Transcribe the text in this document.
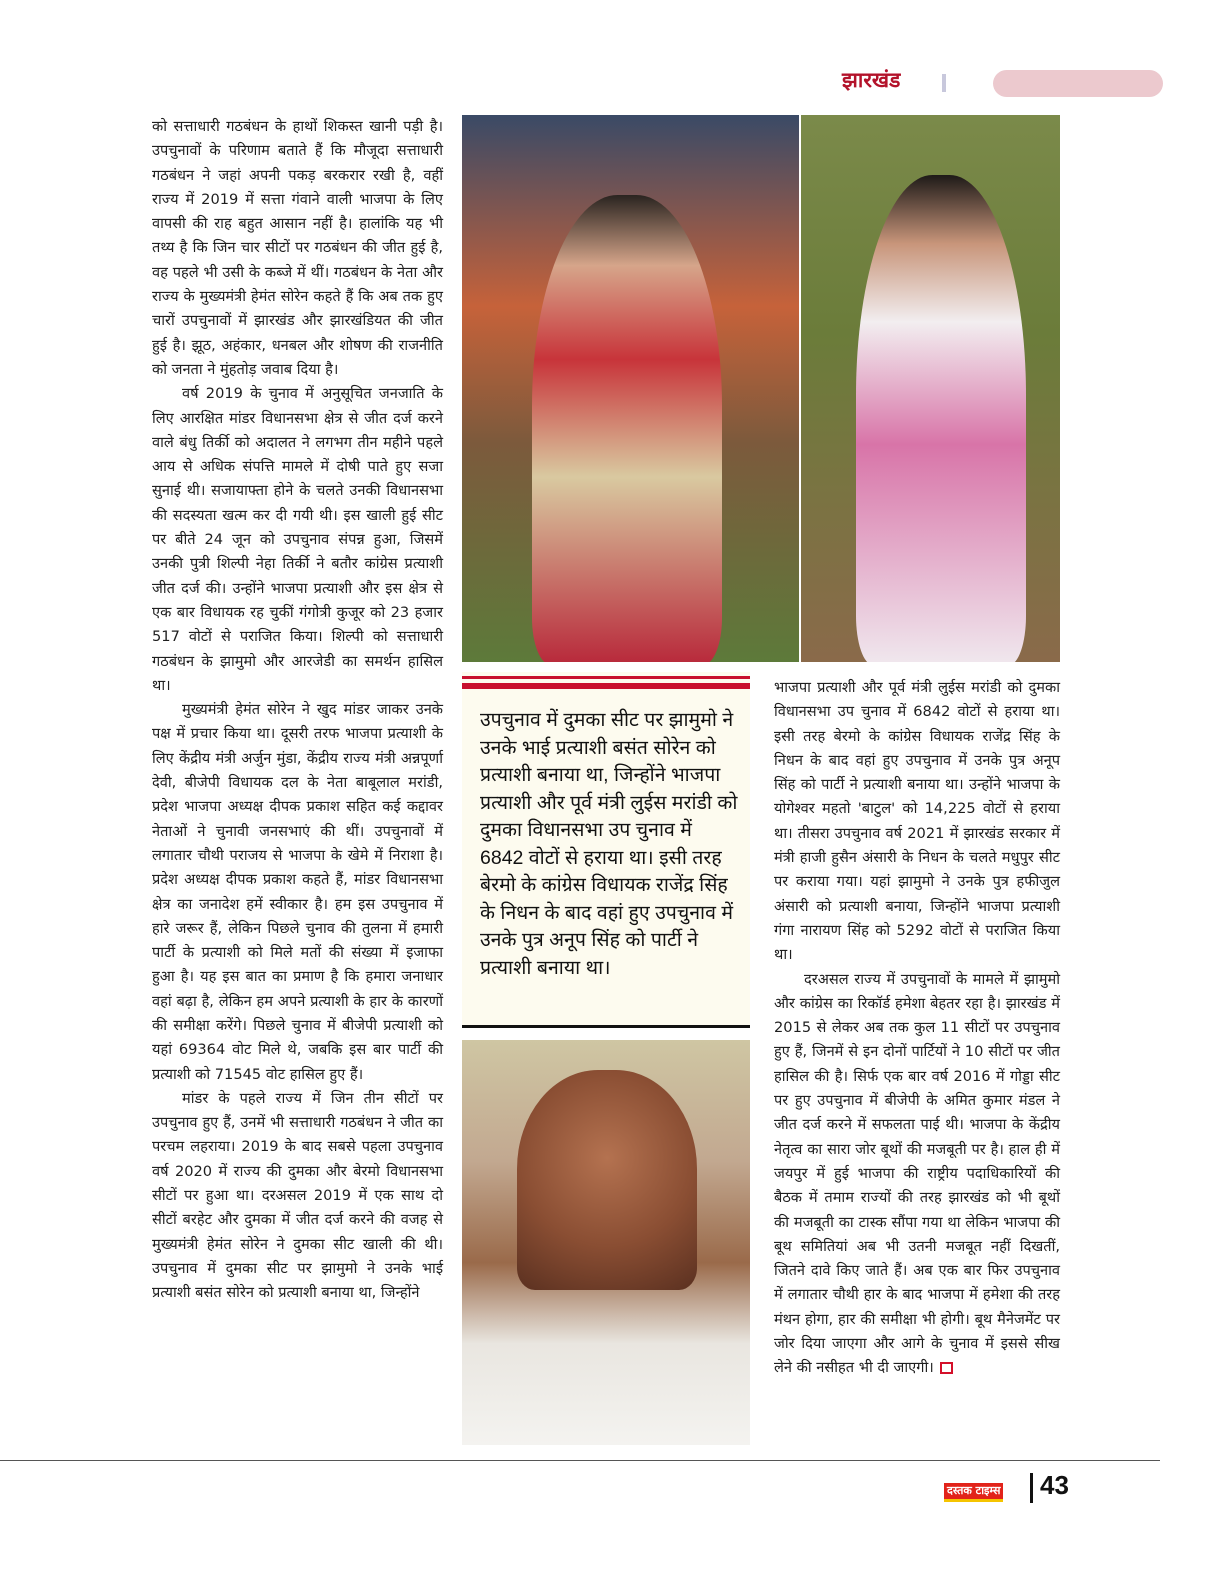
झारखंड

को सत्ताधारी गठबंधन के हाथों शिकस्त खानी पड़ी है। उपचुनावों के परिणाम बताते हैं कि मौजूदा सत्ताधारी गठबंधन ने जहां अपनी पकड़ बरकरार रखी है, वहीं राज्य में 2019 में सत्ता गंवाने वाली भाजपा के लिए वापसी की राह बहुत आसान नहीं है। हालांकि यह भी तथ्य है कि जिन चार सीटों पर गठबंधन की जीत हुई है, वह पहले भी उसी के कब्जे में थीं। गठबंधन के नेता और राज्य के मुख्यमंत्री हेमंत सोरेन कहते हैं कि अब तक हुए चारों उपचुनावों में झारखंड और झारखंडियत की जीत हुई है। झूठ, अहंकार, धनबल और शोषण की राजनीति को जनता ने मुंहतोड़ जवाब दिया है।

वर्ष 2019 के चुनाव में अनुसूचित जनजाति के लिए आरक्षित मांडर विधानसभा क्षेत्र से जीत दर्ज करने वाले बंधु तिर्की को अदालत ने लगभग तीन महीने पहले आय से अधिक संपत्ति मामले में दोषी पाते हुए सजा सुनाई थी। सजायाफ्ता होने के चलते उनकी विधानसभा की सदस्यता खत्म कर दी गयी थी। इस खाली हुई सीट पर बीते 24 जून को उपचुनाव संपन्न हुआ, जिसमें उनकी पुत्री शिल्पी नेहा तिर्की ने बतौर कांग्रेस प्रत्याशी जीत दर्ज की। उन्होंने भाजपा प्रत्याशी और इस क्षेत्र से एक बार विधायक रह चुकीं गंगोत्री कुजूर को 23 हजार 517 वोटों से पराजित किया। शिल्पी को सत्ताधारी गठबंधन के झामुमो और आरजेडी का समर्थन हासिल था।

मुख्यमंत्री हेमंत सोरेन ने खुद मांडर जाकर उनके पक्ष में प्रचार किया था। दूसरी तरफ भाजपा प्रत्याशी के लिए केंद्रीय मंत्री अर्जुन मुंडा, केंद्रीय राज्य मंत्री अन्नपूर्णा देवी, बीजेपी विधायक दल के नेता बाबूलाल मरांडी, प्रदेश भाजपा अध्यक्ष दीपक प्रकाश सहित कई कद्दावर नेताओं ने चुनावी जनसभाएं की थीं। उपचुनावों में लगातार चौथी पराजय से भाजपा के खेमे में निराशा है। प्रदेश अध्यक्ष दीपक प्रकाश कहते हैं, मांडर विधानसभा क्षेत्र का जनादेश हमें स्वीकार है। हम इस उपचुनाव में हारे जरूर हैं, लेकिन पिछले चुनाव की तुलना में हमारी पार्टी के प्रत्याशी को मिले मतों की संख्या में इजाफा हुआ है। यह इस बात का प्रमाण है कि हमारा जनाधार वहां बढ़ा है, लेकिन हम अपने प्रत्याशी के हार के कारणों की समीक्षा करेंगे। पिछले चुनाव में बीजेपी प्रत्याशी को यहां 69364 वोट मिले थे, जबकि इस बार पार्टी की प्रत्याशी को 71545 वोट हासिल हुए हैं।

मांडर के पहले राज्य में जिन तीन सीटों पर उपचुनाव हुए हैं, उनमें भी सत्ताधारी गठबंधन ने जीत का परचम लहराया। 2019 के बाद सबसे पहला उपचुनाव वर्ष 2020 में राज्य की दुमका और बेरमो विधानसभा सीटों पर हुआ था। दरअसल 2019 में एक साथ दो सीटों बरहेट और दुमका में जीत दर्ज करने की वजह से मुख्यमंत्री हेमंत सोरेन ने दुमका सीट खाली की थी। उपचुनाव में दुमका सीट पर झामुमो ने उनके भाई प्रत्याशी बसंत सोरेन को प्रत्याशी बनाया था, जिन्होंने

उपचुनाव में दुमका सीट पर झामुमो ने उनके भाई प्रत्याशी बसंत सोरेन को प्रत्याशी बनाया था, जिन्होंने भाजपा प्रत्याशी और पूर्व मंत्री लुईस मरांडी को दुमका विधानसभा उप चुनाव में 6842 वोटों से हराया था। इसी तरह बेरमो के कांग्रेस विधायक राजेंद्र सिंह के निधन के बाद वहां हुए उपचुनाव में उनके पुत्र अनूप सिंह को पार्टी ने प्रत्याशी बनाया था।

भाजपा प्रत्याशी और पूर्व मंत्री लुईस मरांडी को दुमका विधानसभा उप चुनाव में 6842 वोटों से हराया था। इसी तरह बेरमो के कांग्रेस विधायक राजेंद्र सिंह के निधन के बाद वहां हुए उपचुनाव में उनके पुत्र अनूप सिंह को पार्टी ने प्रत्याशी बनाया था। उन्होंने भाजपा के योगेश्वर महतो 'बाटुल' को 14,225 वोटों से हराया था। तीसरा उपचुनाव वर्ष 2021 में झारखंड सरकार में मंत्री हाजी हुसैन अंसारी के निधन के चलते मधुपुर सीट पर कराया गया। यहां झामुमो ने उनके पुत्र हफीजुल अंसारी को प्रत्याशी बनाया, जिन्होंने भाजपा प्रत्याशी गंगा नारायण सिंह को 5292 वोटों से पराजित किया था।

दरअसल राज्य में उपचुनावों के मामले में झामुमो और कांग्रेस का रिकॉर्ड हमेशा बेहतर रहा है। झारखंड में 2015 से लेकर अब तक कुल 11 सीटों पर उपचुनाव हुए हैं, जिनमें से इन दोनों पार्टियों ने 10 सीटों पर जीत हासिल की है। सिर्फ एक बार वर्ष 2016 में गोड्डा सीट पर हुए उपचुनाव में बीजेपी के अमित कुमार मंडल ने जीत दर्ज करने में सफलता पाई थी। भाजपा के केंद्रीय नेतृत्व का सारा जोर बूथों की मजबूती पर है। हाल ही में जयपुर में हुई भाजपा की राष्ट्रीय पदाधिकारियों की बैठक में तमाम राज्यों की तरह झारखंड को भी बूथों की मजबूती का टास्क सौंपा गया था लेकिन भाजपा की बूथ समितियां अब भी उतनी मजबूत नहीं दिखतीं, जितने दावे किए जाते हैं। अब एक बार फिर उपचुनाव में लगातार चौथी हार के बाद भाजपा में हमेशा की तरह मंथन होगा, हार की समीक्षा भी होगी। बूथ मैनेजमेंट पर जोर दिया जाएगा और आगे के चुनाव में इससे सीख लेने की नसीहत भी दी जाएगी।

दस्तक टाइम्स 43
